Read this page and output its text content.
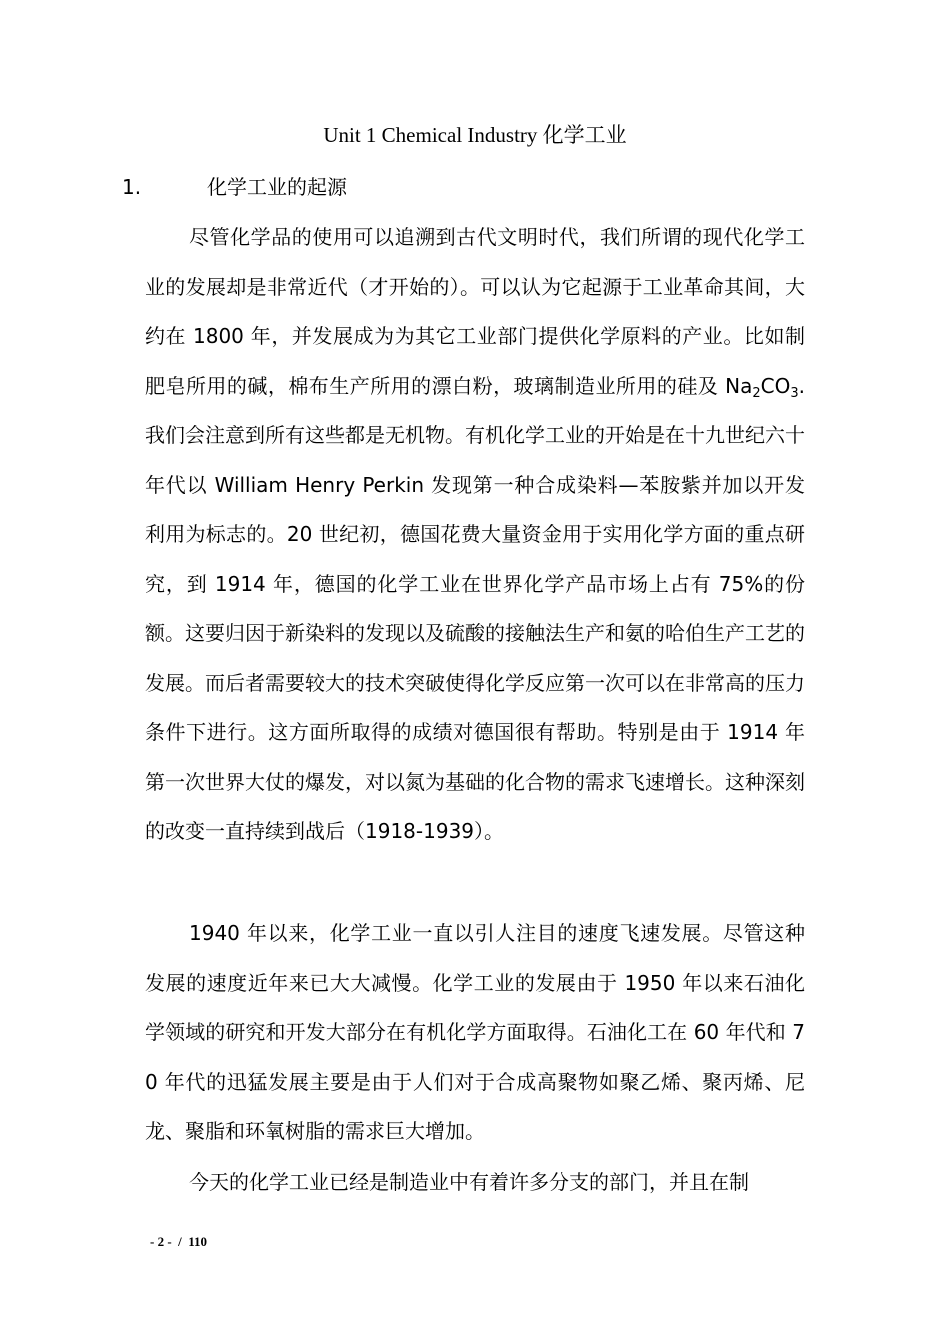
Unit 1 Chemical Industry 化学工业
1.	化学工业的起源
尽管化学品的使用可以追溯到古代文明时代，我们所谓的现代化学工业的发展却是非常近代（才开始的）。可以认为它起源于工业革命其间，大约在 1800 年，并发展成为为其它工业部门提供化学原料的产业。比如制肥皂所用的碱，棉布生产所用的漂白粉，玻璃制造业所用的硅及 $Na_2CO_3$. 我们会注意到所有这些都是无机物。有机化学工业的开始是在十九世纪六十年代以 William Henry Perkin 发现第一种合成染料—苯胺紫并加以开发利用为标志的。20 世纪初，德国花费大量资金用于实用化学方面的重点研究，到 1914 年，德国的化学工业在世界化学产品市场上占有 75%的份额。这要归因于新染料的发现以及硫酸的接触法生产和氨的哈伯生产工艺的发展。而后者需要较大的技术突破使得化学反应第一次可以在非常高的压力条件下进行。这方面所取得的成绩对德国很有帮助。特别是由于 1914 年第一次世界大仗的爆发，对以氮为基础的化合物的需求飞速增长。这种深刻的改变一直持续到战后（1918-1939）。
1940 年以来，化学工业一直以引人注目的速度飞速发展。尽管这种发展的速度近年来已大大减慢。化学工业的发展由于 1950 年以来石油化学领域的研究和开发大部分在有机化学方面取得。石油化工在 60 年代和 70 年代的迅猛发展主要是由于人们对于合成高聚物如聚乙烯、聚丙烯、尼龙、聚脂和环氧树脂的需求巨大增加。
今天的化学工业已经是制造业中有着许多分支的部门，并且在制
- 2 -  /  110
